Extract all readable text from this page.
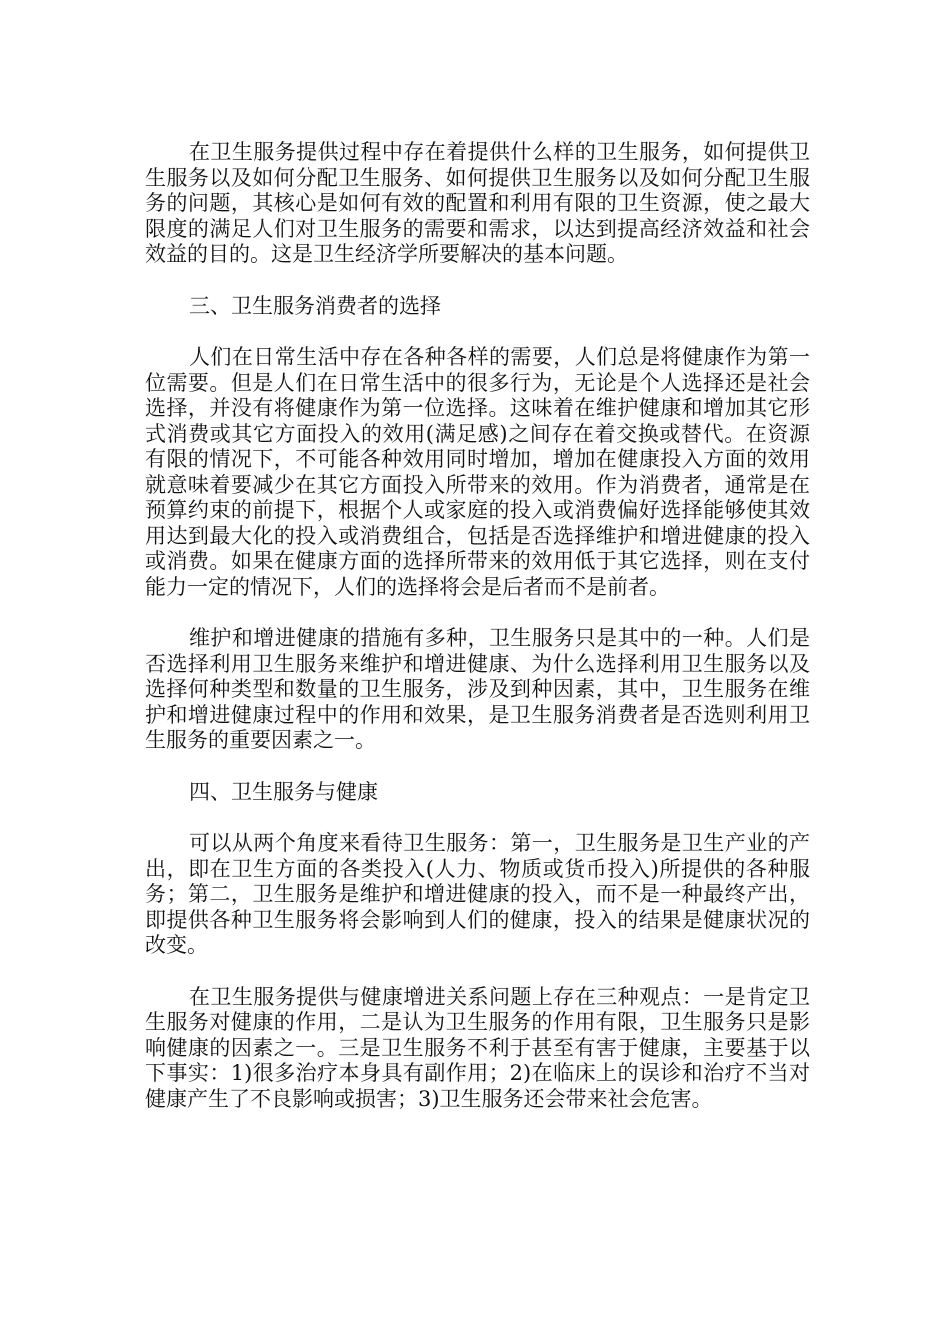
在卫生服务提供过程中存在着提供什么样的卫生服务，如何提供卫生服务以及如何分配卫生服务、如何提供卫生服务以及如何分配卫生服务的问题，其核心是如何有效的配置和利用有限的卫生资源，使之最大限度的满足人们对卫生服务的需要和需求，以达到提高经济效益和社会效益的目的。这是卫生经济学所要解决的基本问题。

三、卫生服务消费者的选择

人们在日常生活中存在各种各样的需要，人们总是将健康作为第一位需要。但是人们在日常生活中的很多行为，无论是个人选择还是社会选择，并没有将健康作为第一位选择。这味着在维护健康和增加其它形式消费或其它方面投入的效用(满足感)之间存在着交换或替代。在资源有限的情况下，不可能各种效用同时增加，增加在健康投入方面的效用就意味着要减少在其它方面投入所带来的效用。作为消费者，通常是在预算约束的前提下，根据个人或家庭的投入或消费偏好选择能够使其效用达到最大化的投入或消费组合，包括是否选择维护和增进健康的投入或消费。如果在健康方面的选择所带来的效用低于其它选择，则在支付能力一定的情况下，人们的选择将会是后者而不是前者。

维护和增进健康的措施有多种，卫生服务只是其中的一种。人们是否选择利用卫生服务来维护和增进健康、为什么选择利用卫生服务以及选择何种类型和数量的卫生服务，涉及到种因素，其中，卫生服务在维护和增进健康过程中的作用和效果，是卫生服务消费者是否选则利用卫生服务的重要因素之一。

四、卫生服务与健康

可以从两个角度来看待卫生服务：第一，卫生服务是卫生产业的产出，即在卫生方面的各类投入(人力、物质或货币投入)所提供的各种服务；第二，卫生服务是维护和增进健康的投入，而不是一种最终产出，即提供各种卫生服务将会影响到人们的健康，投入的结果是健康状况的改变。

在卫生服务提供与健康增进关系问题上存在三种观点：一是肯定卫生服务对健康的作用，二是认为卫生服务的作用有限，卫生服务只是影响健康的因素之一。三是卫生服务不利于甚至有害于健康，主要基于以下事实：1)很多治疗本身具有副作用；2)在临床上的误诊和治疗不当对健康产生了不良影响或损害；3)卫生服务还会带来社会危害。
